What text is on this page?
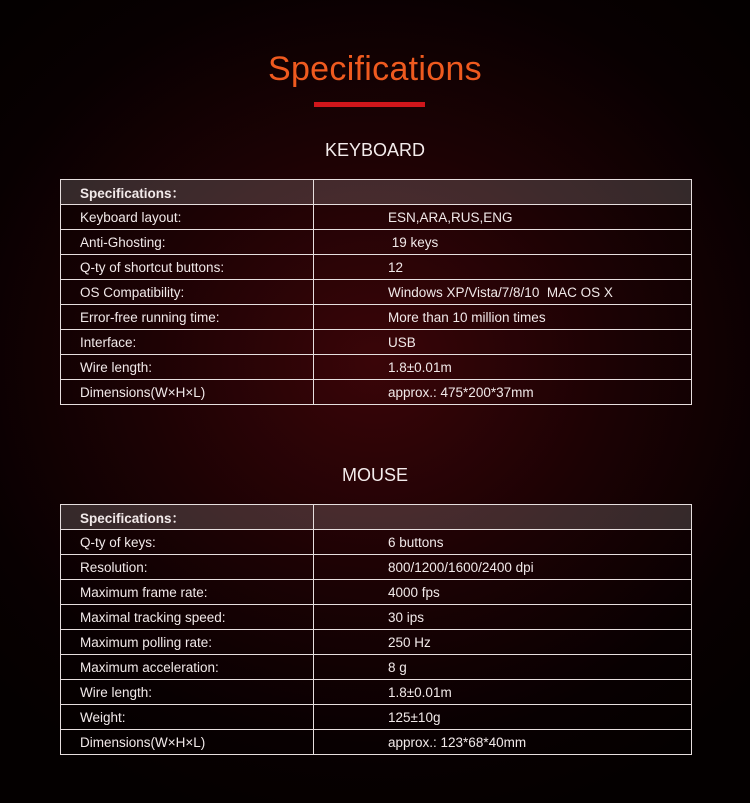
Specifications
KEYBOARD
Specifications：	
Keyboard layout:	ESN,ARA,RUS,ENG
Anti-Ghosting:	19 keys
Q-ty of shortcut buttons:	12
OS Compatibility:	Windows XP/Vista/7/8/10  MAC OS X
Error-free running time:	More than 10 million times
Interface:	USB
Wire length:	1.8±0.01m
Dimensions(W×H×L)	approx.: 475*200*37mm
MOUSE
Specifications：	
Q-ty of keys:	6 buttons
Resolution:	800/1200/1600/2400 dpi
Maximum frame rate:	4000 fps
Maximal tracking speed:	30 ips
Maximum polling rate:	250 Hz
Maximum acceleration:	8 g
Wire length:	1.8±0.01m
Weight:	125±10g
Dimensions(W×H×L)	approx.: 123*68*40mm
